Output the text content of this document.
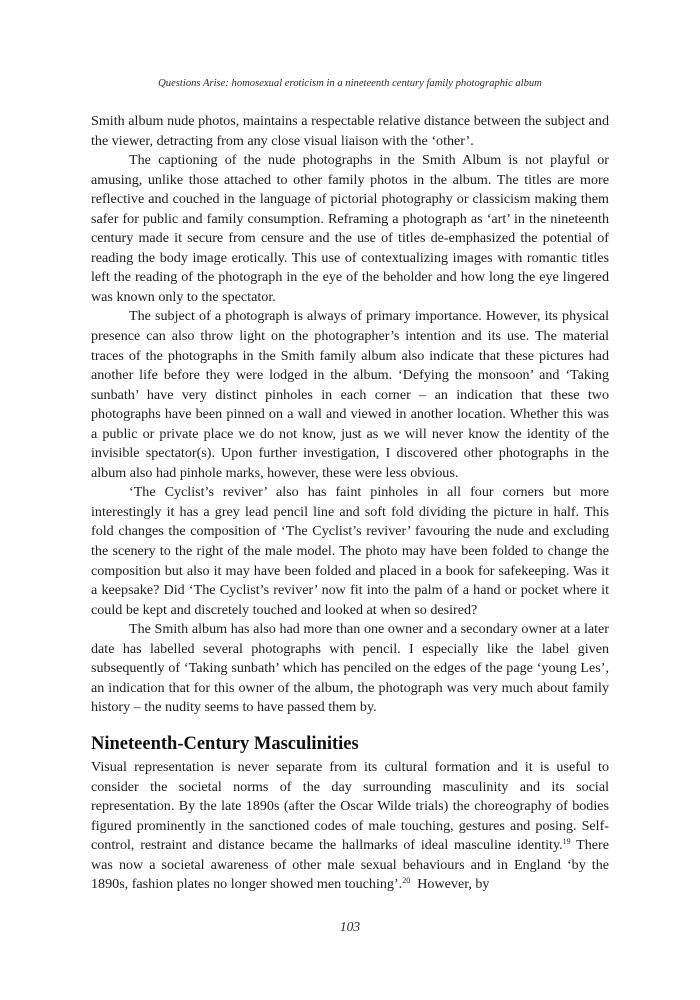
Questions Arise: homosexual eroticism in a nineteenth century family photographic album

Smith album nude photos, maintains a respectable relative distance between the subject and the viewer, detracting from any close visual liaison with the ‘other’.

The captioning of the nude photographs in the Smith Album is not playful or amusing, unlike those attached to other family photos in the album. The titles are more reflective and couched in the language of pictorial photography or classicism making them safer for public and family consumption. Reframing a photograph as ‘art’ in the nineteenth century made it secure from censure and the use of titles de-emphasized the potential of reading the body image erotically. This use of contextualizing images with romantic titles left the reading of the photograph in the eye of the beholder and how long the eye lingered was known only to the spectator.

The subject of a photograph is always of primary importance. However, its physical presence can also throw light on the photographer’s intention and its use. The material traces of the photographs in the Smith family album also indicate that these pictures had another life before they were lodged in the album. ‘Defying the monsoon’ and ‘Taking sunbath’ have very distinct pinholes in each corner – an indication that these two photographs have been pinned on a wall and viewed in another location. Whether this was a public or private place we do not know, just as we will never know the identity of the invisible spectator(s). Upon further investigation, I discovered other photographs in the album also had pinhole marks, however, these were less obvious.

‘The Cyclist’s reviver’ also has faint pinholes in all four corners but more interestingly it has a grey lead pencil line and soft fold dividing the picture in half. This fold changes the composition of ‘The Cyclist’s reviver’ favouring the nude and excluding the scenery to the right of the male model. The photo may have been folded to change the composition but also it may have been folded and placed in a book for safekeeping. Was it a keepsake? Did ‘The Cyclist’s reviver’ now fit into the palm of a hand or pocket where it could be kept and discretely touched and looked at when so desired?

The Smith album has also had more than one owner and a secondary owner at a later date has labelled several photographs with pencil. I especially like the label given subsequently of ‘Taking sunbath’ which has penciled on the edges of the page ‘young Les’, an indication that for this owner of the album, the photograph was very much about family history – the nudity seems to have passed them by.

Nineteenth-Century Masculinities

Visual representation is never separate from its cultural formation and it is useful to consider the societal norms of the day surrounding masculinity and its social representation. By the late 1890s (after the Oscar Wilde trials) the choreography of bodies figured prominently in the sanctioned codes of male touching, gestures and posing. Self-control, restraint and distance became the hallmarks of ideal masculine identity.$^{19}$ There was now a societal awareness of other male sexual behaviours and in England ‘by the 1890s, fashion plates no longer showed men touching’.$^{20}$  However, by

103
